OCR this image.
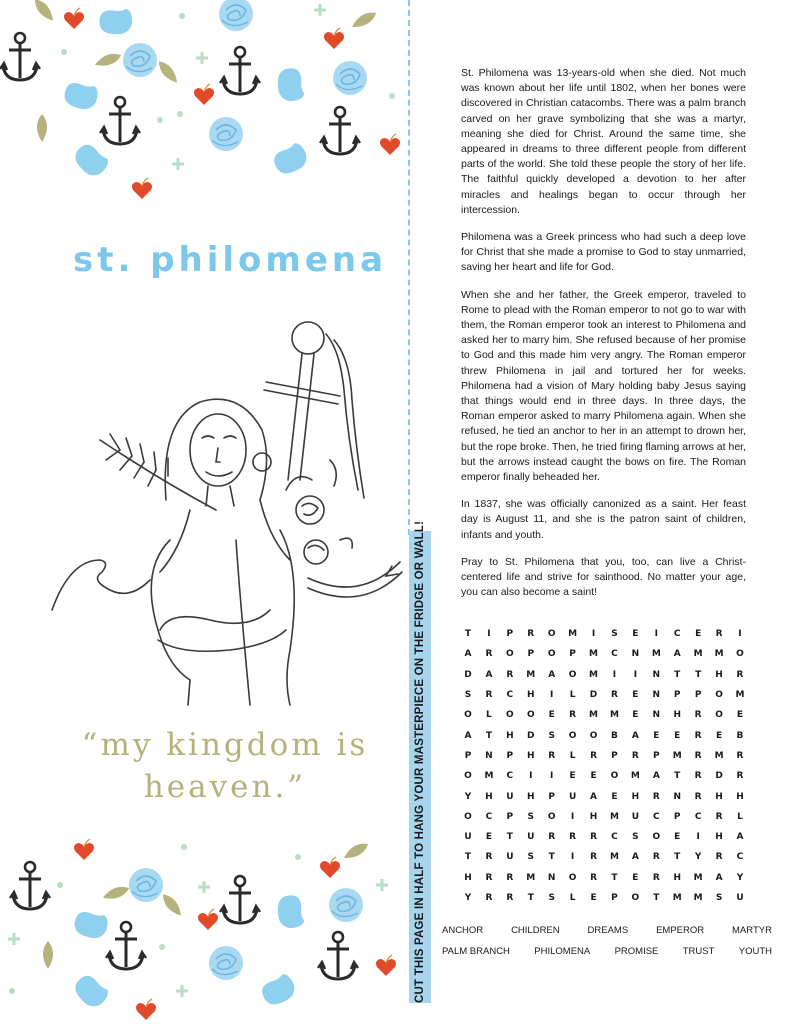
st. philomena
“my kingdom is heaven.”	CUT THIS PAGE IN HALF TO HANG YOUR MASTERPIECE ON THE FRIDGE OR WALL!

St. Philomena was 13-years-old when she died. Not much was known about her life until 1802, when her bones were discovered in Christian catacombs. There was a palm branch carved on her grave symbolizing that she was a martyr, meaning she died for Christ. Around the same time, she appeared in dreams to three different people from different parts of the world. She told these people the story of her life. The faithful quickly developed a devotion to her after miracles and healings began to occur through her intercession.

Philomena was a Greek princess who had such a deep love for Christ that she made a promise to God to stay unmarried, saving her heart and life for God.

When she and her father, the Greek emperor, traveled to Rome to plead with the Roman emperor to not go to war with them, the Roman emperor took an interest to Philomena and asked her to marry him. She refused because of her promise to God and this made him very angry. The Roman emperor threw Philomena in jail and tortured her for weeks. Philomena had a vision of Mary holding baby Jesus saying that things would end in three days. In three days, the Roman emperor asked to marry Philomena again. When she refused, he tied an anchor to her in an attempt to drown her, but the rope broke. Then, he tried firing flaming arrows at her, but the arrows instead caught the bows on fire. The Roman emperor finally beheaded her.

In 1837, she was officially canonized as a saint. Her feast day is August 11, and she is the patron saint of children, infants and youth.

Pray to St. Philomena that you, too, can live a Christ-centered life and strive for sainthood. No matter your age, you can also become a saint!

T	I	P	R	O	M	I	S	E	I	C	E	R	I
A	R	O	P	O	P	M	C	N	M	A	M	M	O
D	A	R	M	A	O	M	I	I	N	T	T	H	R
S	R	C	H	I	L	D	R	E	N	P	P	O	M
O	L	O	O	E	R	M	M	E	N	H	R	O	E
A	T	H	D	S	O	O	B	A	E	E	R	E	B
P	N	P	H	R	L	R	P	R	P	M	R	M	R
O	M	C	I	I	E	E	O	M	A	T	R	D	R
Y	H	U	H	P	U	A	E	H	R	N	R	H	H
O	C	P	S	O	I	H	M	U	C	P	C	R	L
U	E	T	U	R	R	R	C	S	O	E	I	H	A
T	R	U	S	T	I	R	M	A	R	T	Y	R	C
H	R	R	M	N	O	R	T	E	R	H	M	A	Y
Y	R	R	T	S	L	E	P	O	T	M	M	S	U
ANCHOR	CHILDREN	DREAMS	EMPEROR	MARTYR
PALM BRANCH	PHILOMENA	PROMISE	TRUST	YOUTH
